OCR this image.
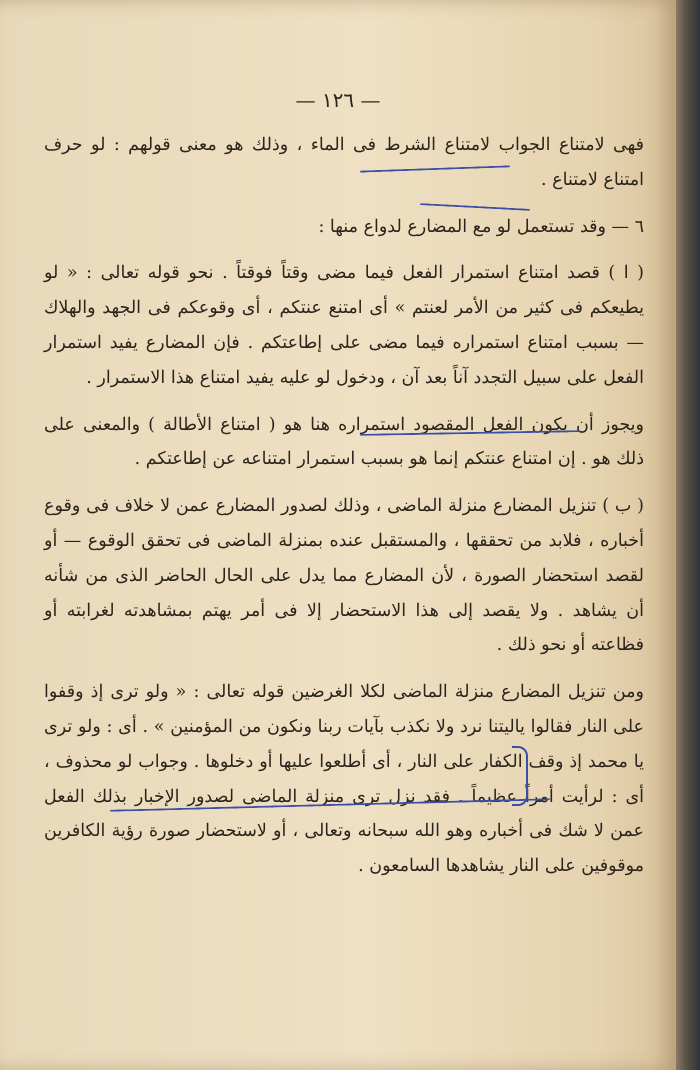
— ١٢٦ —

فهى لامتناع الجواب لامتناع الشرط فى الماء ، وذلك هو معنى قولهم : لو حرف امتناع لامتناع .

٦ — وقد تستعمل لو مع المضارع لدواع منها :

( ا ) قصد امتناع استمرار الفعل فيما مضى وقتاً فوقتاً . نحو قوله تعالى : « لو يطيعكم فى كثير من الأمر لعنتم » أى امتنع عنتكم ، أى وقوعكم فى الجهد والهلاك — بسبب امتناع استمراره فيما مضى على إطاعتكم . فإن المضارع يفيد استمرار الفعل على سبيل التجدد آناً بعد آن ، ودخول لو عليه يفيد امتناع هذا الاستمرار .

ويجوز أن يكون الفعل المقصود استمراره هنا هو ( امتناع الأطالة ) والمعنى على ذلك هو . إن امتناع عنتكم إنما هو بسبب استمرار امتناعه عن إطاعتكم .

( ب ) تنزيل المضارع منزلة الماضى ، وذلك لصدور المضارع عمن لا خلاف فى وقوع أخباره ، فلابد من تحققها ، والمستقبل عنده بمنزلة الماضى فى تحقق الوقوع — أو لقصد استحضار الصورة ، لأن المضارع مما يدل على الحال الحاضر الذى من شأنه أن يشاهد . ولا يقصد إلى هذا الاستحضار إلا فى أمر يهتم بمشاهدته لغرابته أو فظاعته أو نحو ذلك .

ومن تنزيل المضارع منزلة الماضى لكلا الغرضين قوله تعالى : « ولو ترى إذ وقفوا على النار فقالوا ياليتنا نرد ولا نكذب بآيات ربنا ونكون من المؤمنين » . أى : ولو ترى يا محمد إذ وقف الكفار على النار ، أى أطلعوا عليها أو دخلوها . وجواب لو محذوف ، أى : لرأيت أمراً عظيماً . فقد نزل ترى منزلة الماضى لصدور الإخبار بذلك الفعل عمن لا شك فى أخباره وهو الله سبحانه وتعالى ، أو لاستحضار صورة رؤية الكافرين موقوفين على النار يشاهدها السامعون .
